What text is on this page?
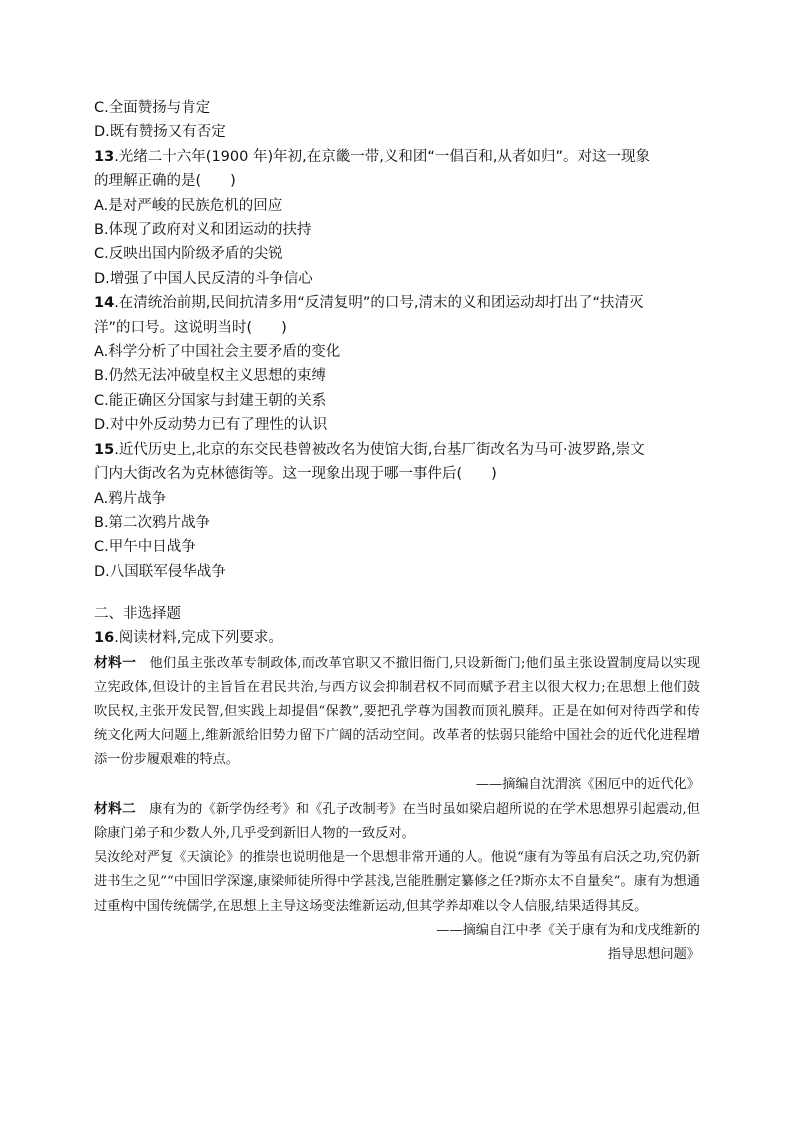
C.全面赞扬与肯定
D.既有赞扬又有否定
13.光绪二十六年(1900 年)年初,在京畿一带,义和团“一倡百和,从者如归”。对这一现象
的理解正确的是(　　)
A.是对严峻的民族危机的回应
B.体现了政府对义和团运动的扶持
C.反映出国内阶级矛盾的尖锐
D.增强了中国人民反清的斗争信心
14.在清统治前期,民间抗清多用“反清复明”的口号,清末的义和团运动却打出了“扶清灭
洋”的口号。这说明当时(　　)
A.科学分析了中国社会主要矛盾的变化
B.仍然无法冲破皇权主义思想的束缚
C.能正确区分国家与封建王朝的关系
D.对中外反动势力已有了理性的认识
15.近代历史上,北京的东交民巷曾被改名为使馆大街,台基厂街改名为马可·波罗路,崇文
门内大街改名为克林德街等。这一现象出现于哪一事件后(　　)
A.鸦片战争
B.第二次鸦片战争
C.甲午中日战争
D.八国联军侵华战争
二、非选择题
16.阅读材料,完成下列要求。
材料一　他们虽主张改革专制政体,而改革官职又不撤旧衙门,只设新衙门;他们虽主张设置制度局以实现立宪政体,但设计的主旨旨在君民共治,与西方议会抑制君权不同而赋予君主以很大权力;在思想上他们鼓吹民权,主张开发民智,但实践上却提倡“保教”,要把孔学尊为国教而顶礼膜拜。正是在如何对待西学和传统文化两大问题上,维新派给旧势力留下广阔的活动空间。改革者的怯弱只能给中国社会的近代化进程增添一份步履艰难的特点。
——摘编自沈渭滨《困厄中的近代化》
材料二　康有为的《新学伪经考》和《孔子改制考》在当时虽如梁启超所说的在学术思想界引起震动,但除康门弟子和少数人外,几乎受到新旧人物的一致反对。
吴汝纶对严复《天演论》的推崇也说明他是一个思想非常开通的人。他说“康有为等虽有启沃之功,究仍新进书生之见”“中国旧学深邃,康梁师徒所得中学甚浅,岂能胜删定纂修之任?斯亦太不自量矣”。康有为想通过重构中国传统儒学,在思想上主导这场变法维新运动,但其学养却难以令人信服,结果适得其反。
——摘编自江中孝《关于康有为和戊戌维新的
指导思想问题》
